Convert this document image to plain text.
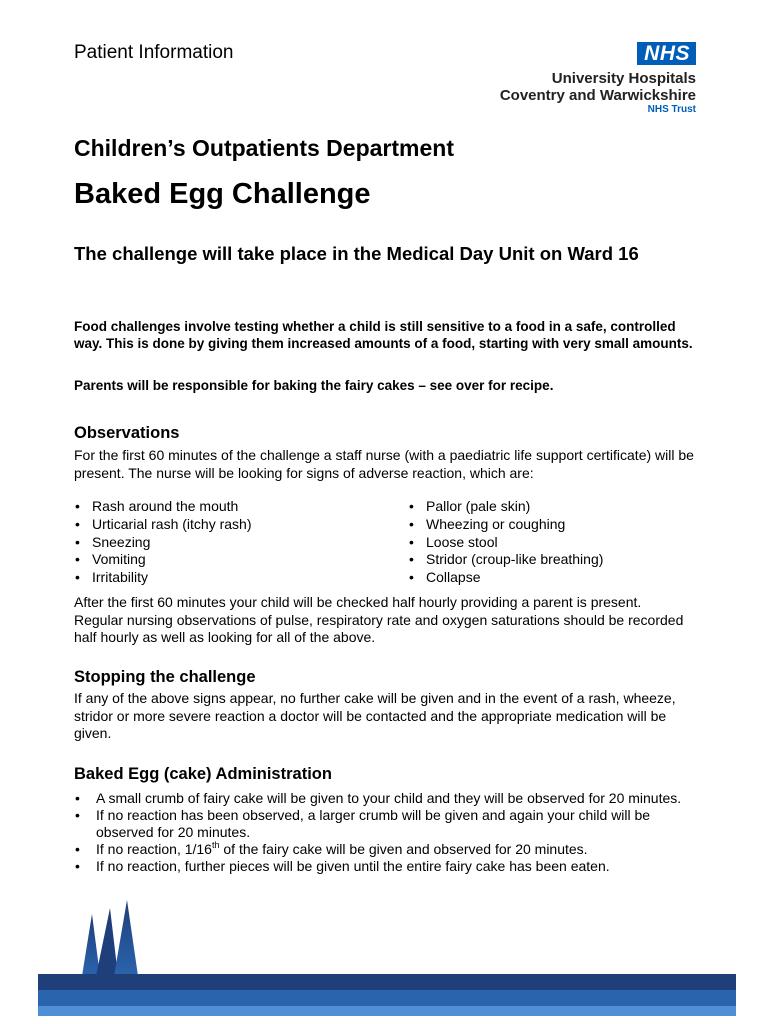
Patient Information	NHS
University Hospitals
Coventry and Warwickshire
NHS Trust
Children’s Outpatients Department
Baked Egg Challenge
The challenge will take place in the Medical Day Unit on Ward 16
Food challenges involve testing whether a child is still sensitive to a food in a safe, controlled way. This is done by giving them increased amounts of a food, starting with very small amounts.
Parents will be responsible for baking the fairy cakes – see over for recipe.
Observations
For the first 60 minutes of the challenge a staff nurse (with a paediatric life support certificate) will be present. The nurse will be looking for signs of adverse reaction, which are:
• Rash around the mouth
• Urticarial rash (itchy rash)
• Sneezing
• Vomiting
• Irritability
• Pallor (pale skin)
• Wheezing or coughing
• Loose stool
• Stridor (croup-like breathing)
• Collapse
After the first 60 minutes your child will be checked half hourly providing a parent is present. Regular nursing observations of pulse, respiratory rate and oxygen saturations should be recorded half hourly as well as looking for all of the above.
Stopping the challenge
If any of the above signs appear, no further cake will be given and in the event of a rash, wheeze, stridor or more severe reaction a doctor will be contacted and the appropriate medication will be given.
Baked Egg (cake) Administration
• A small crumb of fairy cake will be given to your child and they will be observed for 20 minutes.
• If no reaction has been observed, a larger crumb will be given and again your child will be observed for 20 minutes.
• If no reaction, 1/16th of the fairy cake will be given and observed for 20 minutes.
• If no reaction, further pieces will be given until the entire fairy cake has been eaten.
